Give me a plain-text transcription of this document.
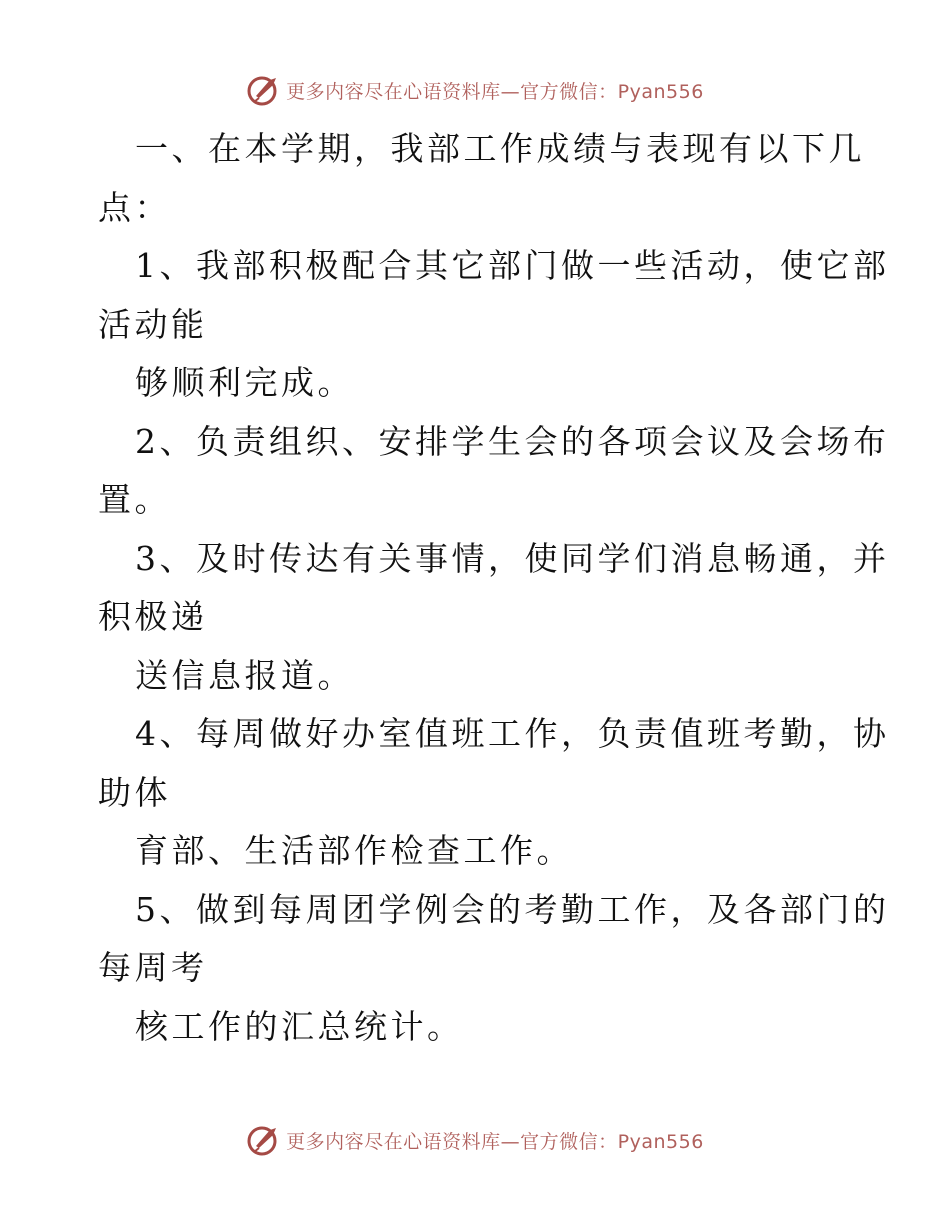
更多内容尽在心语资料库—官方微信：Pyan556
一、在本学期，我部工作成绩与表现有以下几
点：
1、我部积极配合其它部门做一些活动，使它部
活动能
够顺利完成。
2、负责组织、安排学生会的各项会议及会场布
置。
3、及时传达有关事情，使同学们消息畅通，并
积极递
送信息报道。
4、每周做好办室值班工作，负责值班考勤，协
助体
育部、生活部作检查工作。
5、做到每周团学例会的考勤工作，及各部门的
每周考
核工作的汇总统计。
更多内容尽在心语资料库—官方微信：Pyan556
